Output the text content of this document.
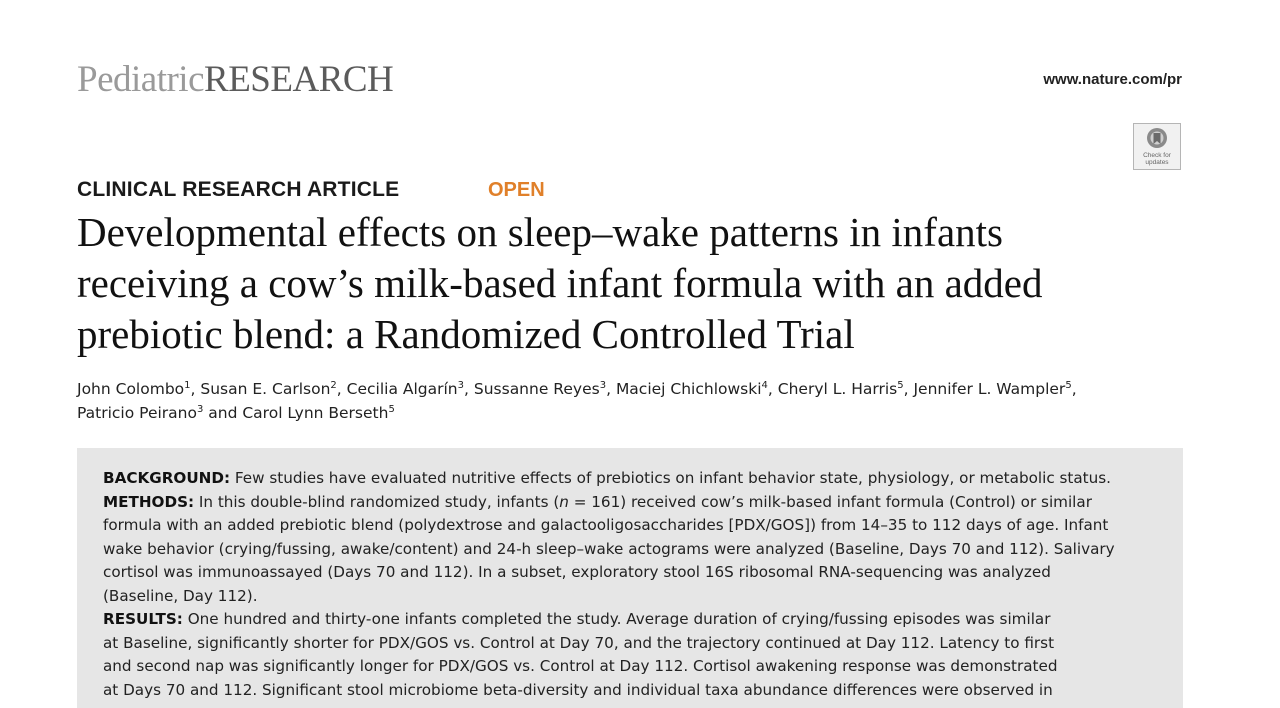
PediatricRESEARCH	www.nature.com/pr
Check for updates
CLINICAL RESEARCH ARTICLE	OPEN
Developmental effects on sleep–wake patterns in infants
receiving a cow’s milk-based infant formula with an added
prebiotic blend: a Randomized Controlled Trial
John Colombo$^1$, Susan E. Carlson$^2$, Cecilia Algarín$^3$, Sussanne Reyes$^3$, Maciej Chichlowski$^4$, Cheryl L. Harris$^5$, Jennifer L. Wampler$^5$,
Patricio Peirano$^3$ and Carol Lynn Berseth$^5$
BACKGROUND: Few studies have evaluated nutritive effects of prebiotics on infant behavior state, physiology, or metabolic status.
METHODS: In this double-blind randomized study, infants (n = 161) received cow’s milk-based infant formula (Control) or similar
formula with an added prebiotic blend (polydextrose and galactooligosaccharides [PDX/GOS]) from 14–35 to 112 days of age. Infant
wake behavior (crying/fussing, awake/content) and 24-h sleep–wake actograms were analyzed (Baseline, Days 70 and 112). Salivary
cortisol was immunoassayed (Days 70 and 112). In a subset, exploratory stool 16S ribosomal RNA-sequencing was analyzed
(Baseline, Day 112).
RESULTS: One hundred and thirty-one infants completed the study. Average duration of crying/fussing episodes was similar
at Baseline, significantly shorter for PDX/GOS vs. Control at Day 70, and the trajectory continued at Day 112. Latency to first
and second nap was significantly longer for PDX/GOS vs. Control at Day 112. Cortisol awakening response was demonstrated
at Days 70 and 112. Significant stool microbiome beta-diversity and individual taxa abundance differences were observed in
